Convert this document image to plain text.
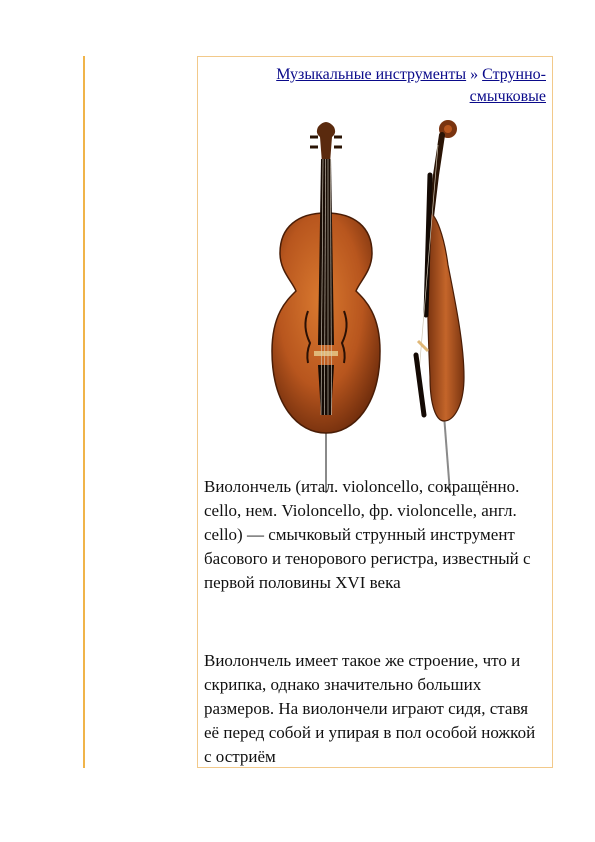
Музыкальные инструменты » Струнно-
смычковые

Виолончель (итал. violoncello, сокращённо. cello, нем. Violoncello, фр. violoncelle, англ. cello) — смычковый струнный инструмент басового и тенорового регистра, известный с первой половины XVI века

Виолончель имеет такое же строение, что и скрипка, однако значительно больших размеров. На виолончели играют сидя, ставя её перед собой и упирая в пол особой ножкой с остриём
